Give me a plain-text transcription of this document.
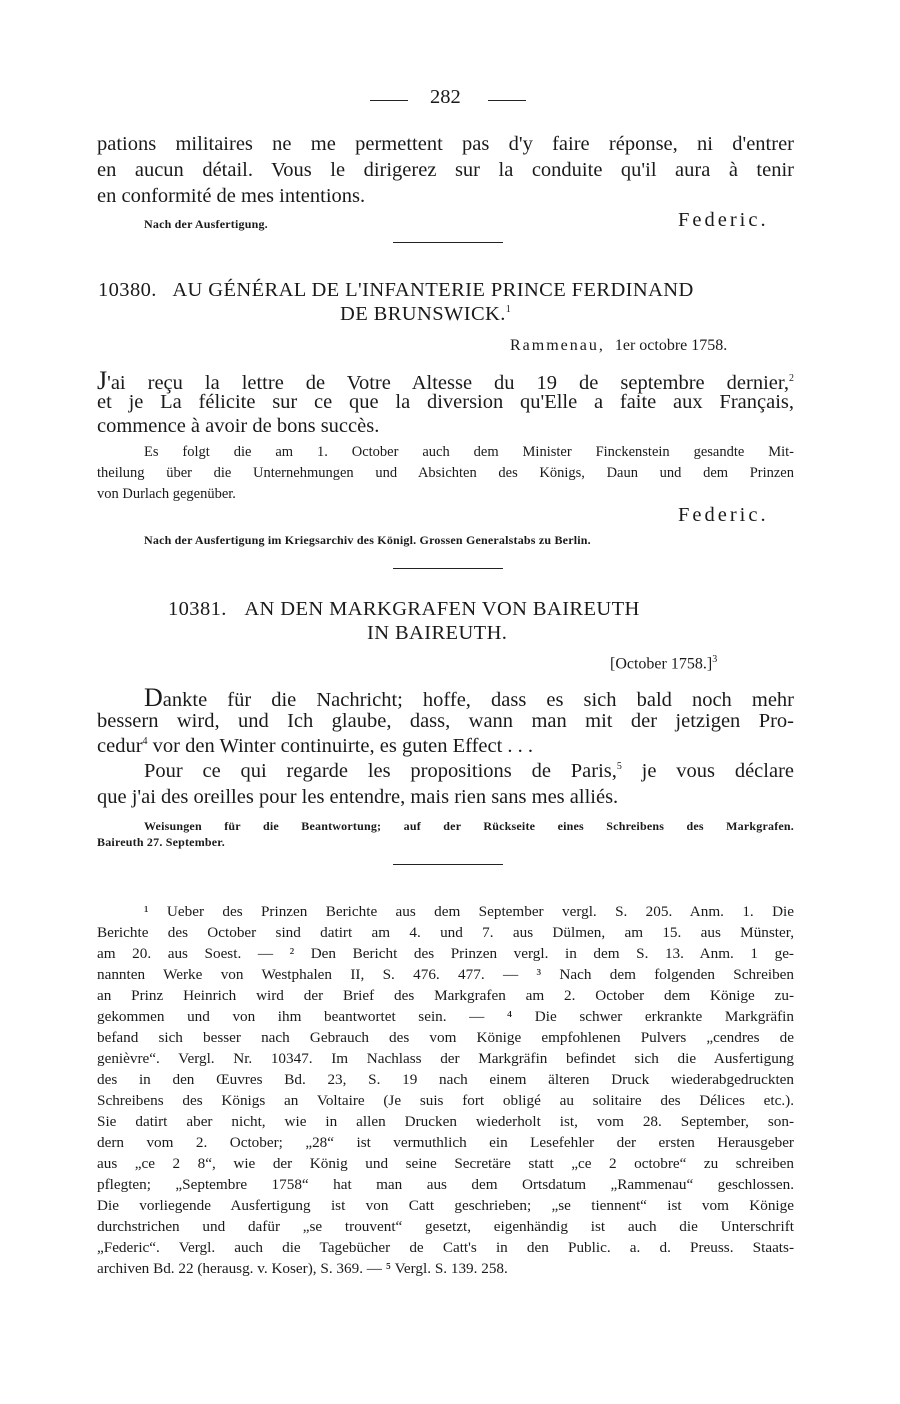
282
pations militaires ne me permettent pas d'y faire réponse, ni d'entrer
en aucun détail. Vous le dirigerez sur la conduite qu'il aura à tenir
en conformité de mes intentions.
Nach der Ausfertigung.	Federic.
10380. AU GÉNÉRAL DE L'INFANTERIE PRINCE FERDINAND
DE BRUNSWICK.$^1$
Rammenau, 1er octobre 1758.
J'ai reçu la lettre de Votre Altesse du 19 de septembre dernier,$^2$
et je La félicite sur ce que la diversion qu'Elle a faite aux Français,
commence à avoir de bons succès.
Es folgt die am 1. October auch dem Minister Finckenstein gesandte Mit-
theilung über die Unternehmungen und Absichten des Königs, Daun und dem Prinzen
von Durlach gegenüber.
Federic.
Nach der Ausfertigung im Kriegsarchiv des Königl. Grossen Generalstabs zu Berlin.
10381. AN DEN MARKGRAFEN VON BAIREUTH
IN BAIREUTH.
[October 1758.]$^3$
Dankte für die Nachricht; hoffe, dass es sich bald noch mehr
bessern wird, und Ich glaube, dass, wann man mit der jetzigen Pro-
cedur$^4$ vor den Winter continuirte, es guten Effect . . .
Pour ce qui regarde les propositions de Paris,$^5$ je vous déclare
que j'ai des oreilles pour les entendre, mais rien sans mes alliés.
Weisungen für die Beantwortung; auf der Rückseite eines Schreibens des Markgrafen.
Baireuth 27. September.
¹ Ueber des Prinzen Berichte aus dem September vergl. S. 205. Anm. 1. Die
Berichte des October sind datirt am 4. und 7. aus Dülmen, am 15. aus Münster,
am 20. aus Soest. — ² Den Bericht des Prinzen vergl. in dem S. 13. Anm. 1 ge-
nannten Werke von Westphalen II, S. 476. 477. — ³ Nach dem folgenden Schreiben
an Prinz Heinrich wird der Brief des Markgrafen am 2. October dem Könige zu-
gekommen und von ihm beantwortet sein. — ⁴ Die schwer erkrankte Markgräfin
befand sich besser nach Gebrauch des vom Könige empfohlenen Pulvers „cendres de
genièvre“. Vergl. Nr. 10347. Im Nachlass der Markgräfin befindet sich die Ausfertigung
des in den Œuvres Bd. 23, S. 19 nach einem älteren Druck wiederabgedruckten
Schreibens des Königs an Voltaire (Je suis fort obligé au solitaire des Délices etc.).
Sie datirt aber nicht, wie in allen Drucken wiederholt ist, vom 28. September, son-
dern vom 2. October; „28“ ist vermuthlich ein Lesefehler der ersten Herausgeber
aus „ce 2 8“, wie der König und seine Secretäre statt „ce 2 octobre“ zu schreiben
pflegten; „Septembre 1758“ hat man aus dem Ortsdatum „Rammenau“ geschlossen.
Die vorliegende Ausfertigung ist von Catt geschrieben; „se tiennent“ ist vom Könige
durchstrichen und dafür „se trouvent“ gesetzt, eigenhändig ist auch die Unterschrift
„Federic“. Vergl. auch die Tagebücher de Catt's in den Public. a. d. Preuss. Staats-
archiven Bd. 22 (herausg. v. Koser), S. 369. — ⁵ Vergl. S. 139. 258.
